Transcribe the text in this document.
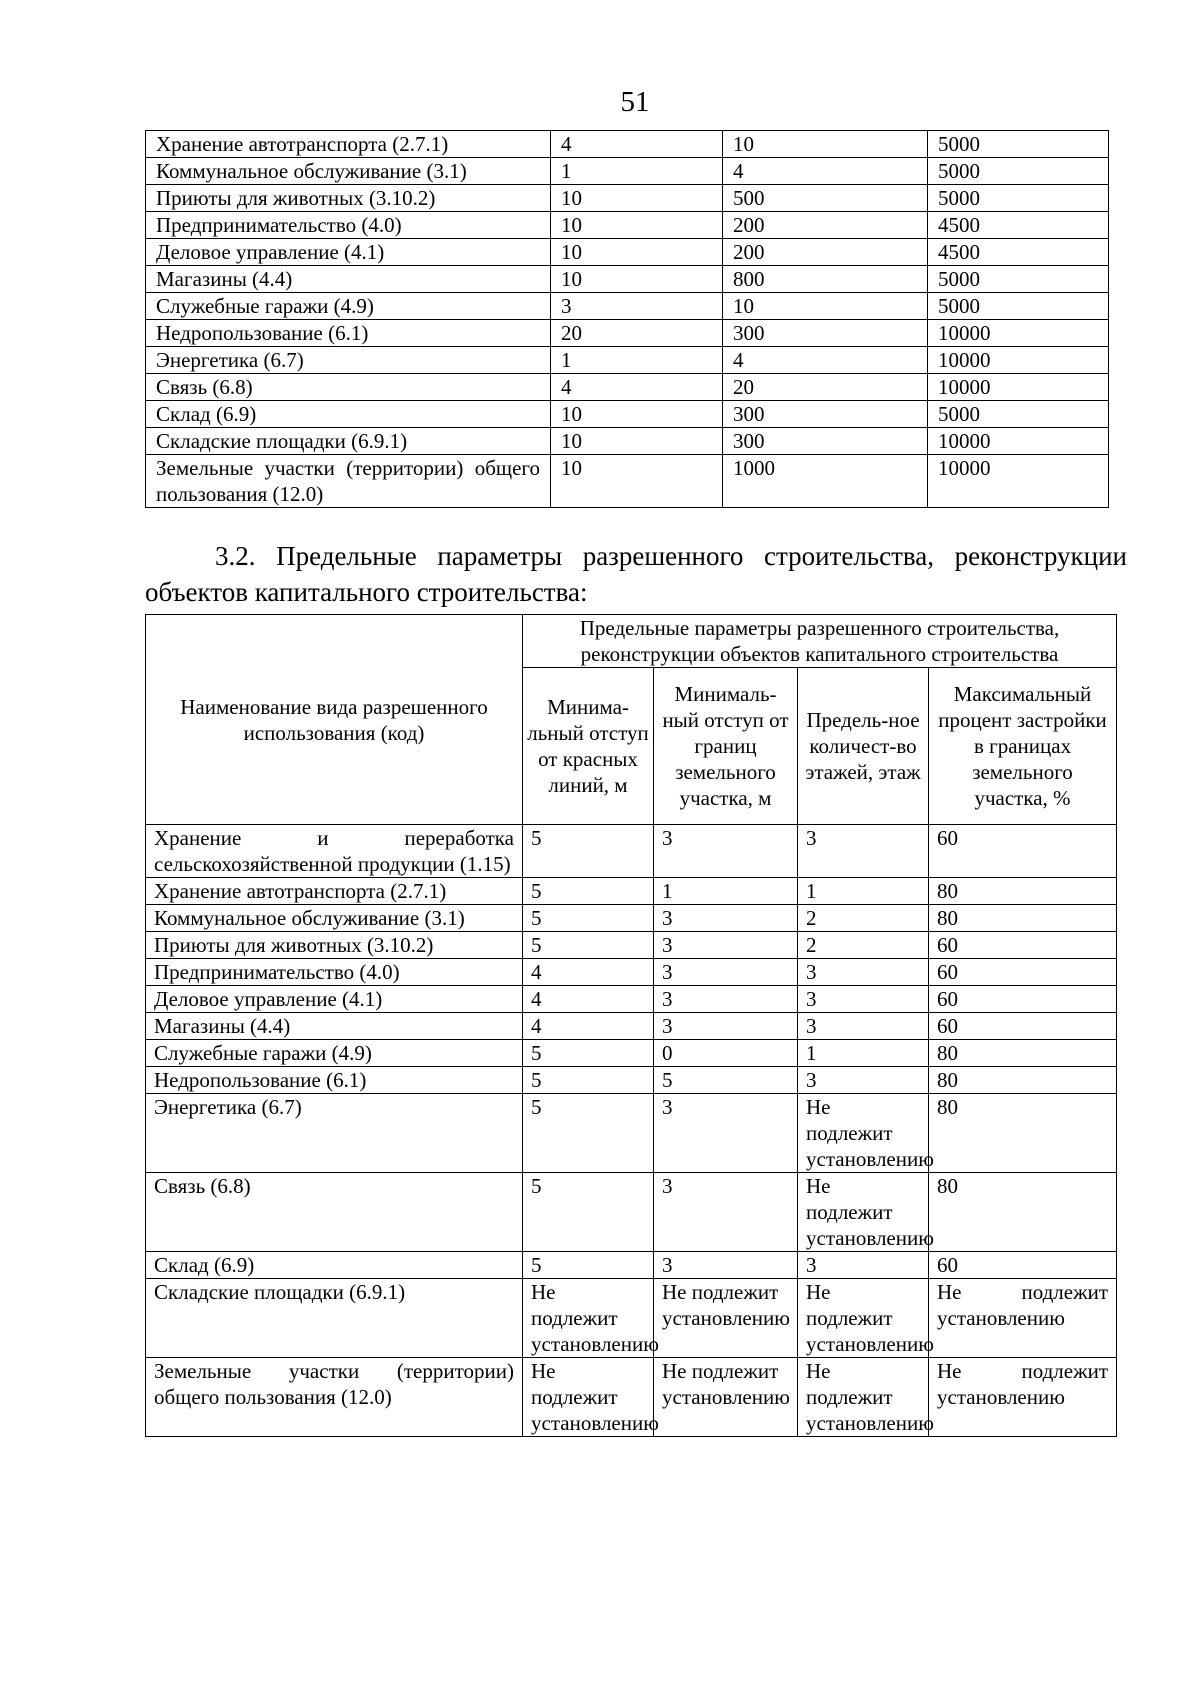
51
Хранение автотранспорта (2.7.1)	4	10	5000
Коммунальное обслуживание (3.1)	1	4	5000
Приюты для животных (3.10.2)	10	500	5000
Предпринимательство (4.0)	10	200	4500
Деловое управление (4.1)	10	200	4500
Магазины (4.4)	10	800	5000
Служебные гаражи (4.9)	3	10	5000
Недропользование (6.1)	20	300	10000
Энергетика (6.7)	1	4	10000
Связь (6.8)	4	20	10000
Склад (6.9)	10	300	5000
Складские площадки (6.9.1)	10	300	10000
Земельные участки (территории) общего пользования (12.0)	10	1000	10000
3.2. Предельные параметры разрешенного строительства, реконструкции объектов капитального строительства:
Наименование вида разрешенного использования (код)	Предельные параметры разрешенного строительства, реконструкции объектов капитального строительства			
	Минима-льный отступ от красных линий, м	Минималь-ный отступ от границ земельного участка, м	Предель-ное количест-во этажей, этаж	Максимальный процент застройки в границах земельного участка, %
Хранение и переработка сельскохозяйственной продукции (1.15)	5	3	3	60
Хранение автотранспорта (2.7.1)	5	1	1	80
Коммунальное обслуживание (3.1)	5	3	2	80
Приюты для животных (3.10.2)	5	3	2	60
Предпринимательство (4.0)	4	3	3	60
Деловое управление (4.1)	4	3	3	60
Магазины (4.4)	4	3	3	60
Служебные гаражи (4.9)	5	0	1	80
Недропользование (6.1)	5	5	3	80
Энергетика (6.7)	5	3	Не подлежит установлению	80
Связь (6.8)	5	3	Не подлежит установлению	80
Склад (6.9)	5	3	3	60
Складские площадки (6.9.1)	Не подлежит установлению	Не подлежит установлению	Не подлежит установлению	Не подлежит установлению
Земельные участки (территории) общего пользования (12.0)	Не подлежит установлению	Не подлежит установлению	Не подлежит установлению	Не подлежит установлению
